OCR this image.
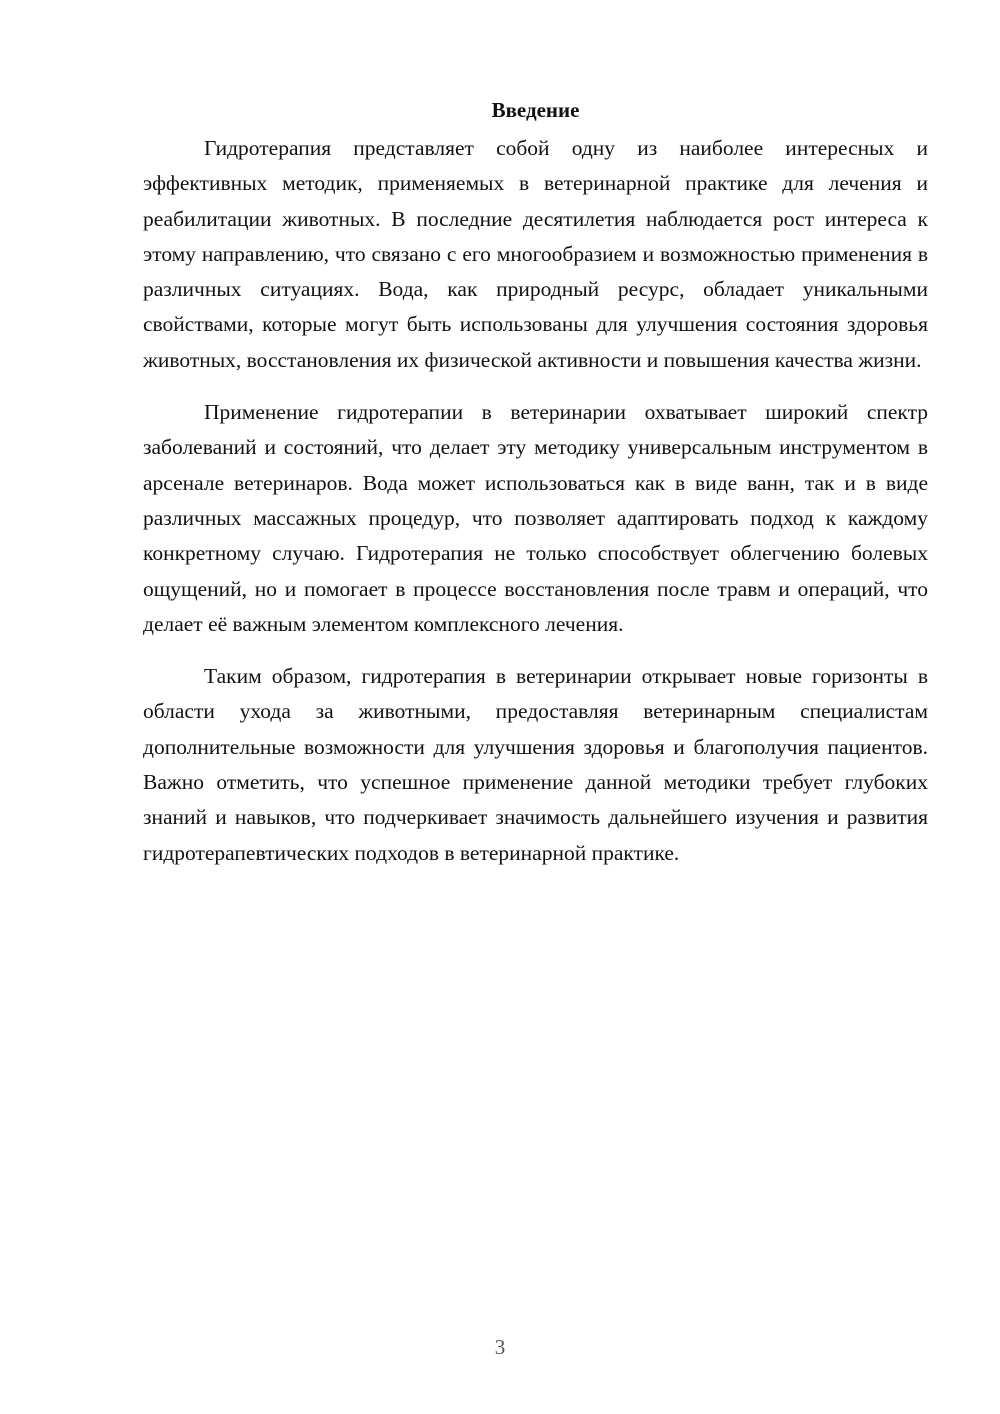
Введение

Гидротерапия представляет собой одну из наиболее интересных и эффективных методик, применяемых в ветеринарной практике для лечения и реабилитации животных. В последние десятилетия наблюдается рост интереса к этому направлению, что связано с его многообразием и возможностью применения в различных ситуациях. Вода, как природный ресурс, обладает уникальными свойствами, которые могут быть использованы для улучшения состояния здоровья животных, восстановления их физической активности и повышения качества жизни.

Применение гидротерапии в ветеринарии охватывает широкий спектр заболеваний и состояний, что делает эту методику универсальным инструментом в арсенале ветеринаров. Вода может использоваться как в виде ванн, так и в виде различных массажных процедур, что позволяет адаптировать подход к каждому конкретному случаю. Гидротерапия не только способствует облегчению болевых ощущений, но и помогает в процессе восстановления после травм и операций, что делает её важным элементом комплексного лечения.

Таким образом, гидротерапия в ветеринарии открывает новые горизонты в области ухода за животными, предоставляя ветеринарным специалистам дополнительные возможности для улучшения здоровья и благополучия пациентов. Важно отметить, что успешное применение данной методики требует глубоких знаний и навыков, что подчеркивает значимость дальнейшего изучения и развития гидротерапевтических подходов в ветеринарной практике.

3
